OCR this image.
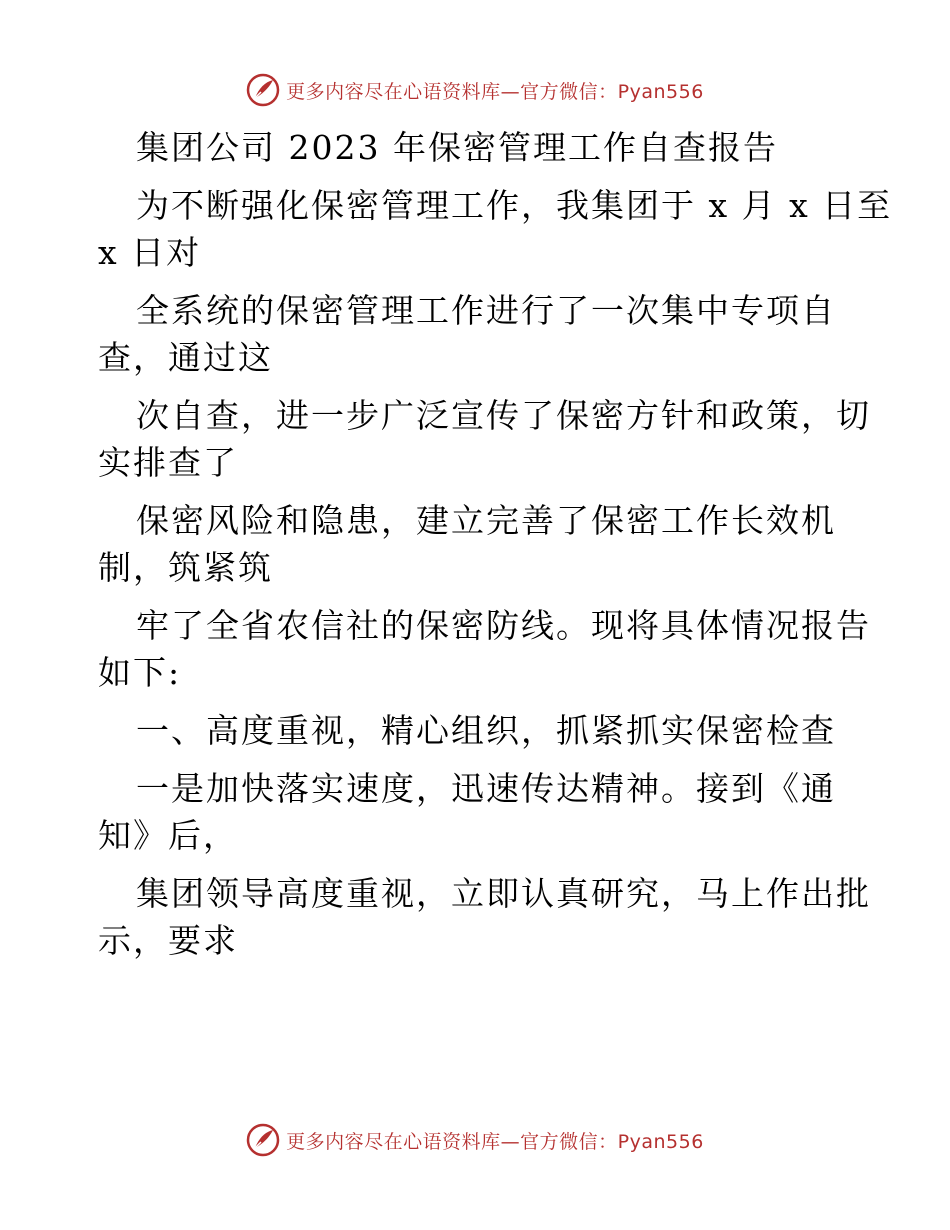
更多内容尽在心语资料库—官方微信：Pyan556
集团公司 2023 年保密管理工作自查报告
为不断强化保密管理工作，我集团于 x 月 x 日至
x 日对
全系统的保密管理工作进行了一次集中专项自
查，通过这
次自查，进一步广泛宣传了保密方针和政策，切
实排查了
保密风险和隐患，建立完善了保密工作长效机
制，筑紧筑
牢了全省农信社的保密防线。现将具体情况报告
如下:
一、高度重视，精心组织，抓紧抓实保密检查
一是加快落实速度，迅速传达精神。接到《通
知》后，
集团领导高度重视，立即认真研究，马上作出批
示，要求
更多内容尽在心语资料库—官方微信：Pyan556
